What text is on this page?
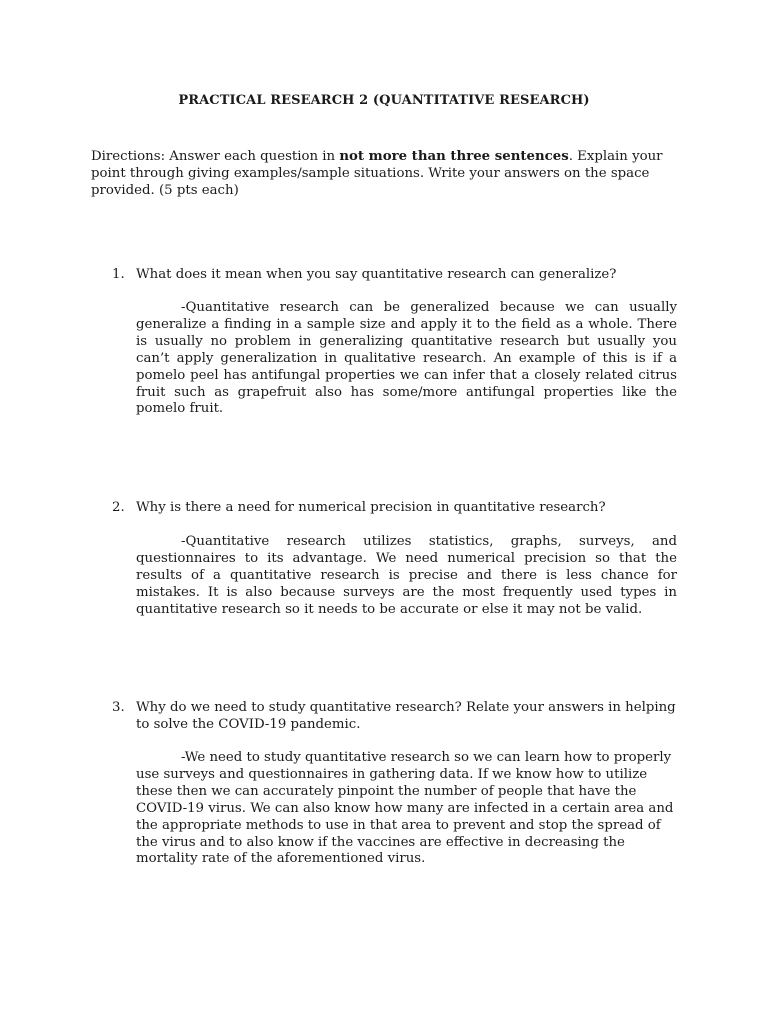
PRACTICAL RESEARCH 2 (QUANTITATIVE RESEARCH)
Directions: Answer each question in not more than three sentences. Explain your point through giving examples/sample situations. Write your answers on the space provided. (5 pts each)
1. What does it mean when you say quantitative research can generalize?
-Quantitative research can be generalized because we can usually generalize a finding in a sample size and apply it to the field as a whole. There is usually no problem in generalizing quantitative research but usually you can’t apply generalization in qualitative research. An example of this is if a pomelo peel has antifungal properties we can infer that a closely related citrus fruit such as grapefruit also has some/more antifungal properties like the pomelo fruit.
2. Why is there a need for numerical precision in quantitative research?
-Quantitative research utilizes statistics, graphs, surveys, and questionnaires to its advantage. We need numerical precision so that the results of a quantitative research is precise and there is less chance for mistakes. It is also because surveys are the most frequently used types in quantitative research so it needs to be accurate or else it may not be valid.
3. Why do we need to study quantitative research? Relate your answers in helping to solve the COVID-19 pandemic.
-We need to study quantitative research so we can learn how to properly use surveys and questionnaires in gathering data. If we know how to utilize these then we can accurately pinpoint the number of people that have the COVID-19 virus. We can also know how many are infected in a certain area and the appropriate methods to use in that area to prevent and stop the spread of the virus and to also know if the vaccines are effective in decreasing the mortality rate of the aforementioned virus.
